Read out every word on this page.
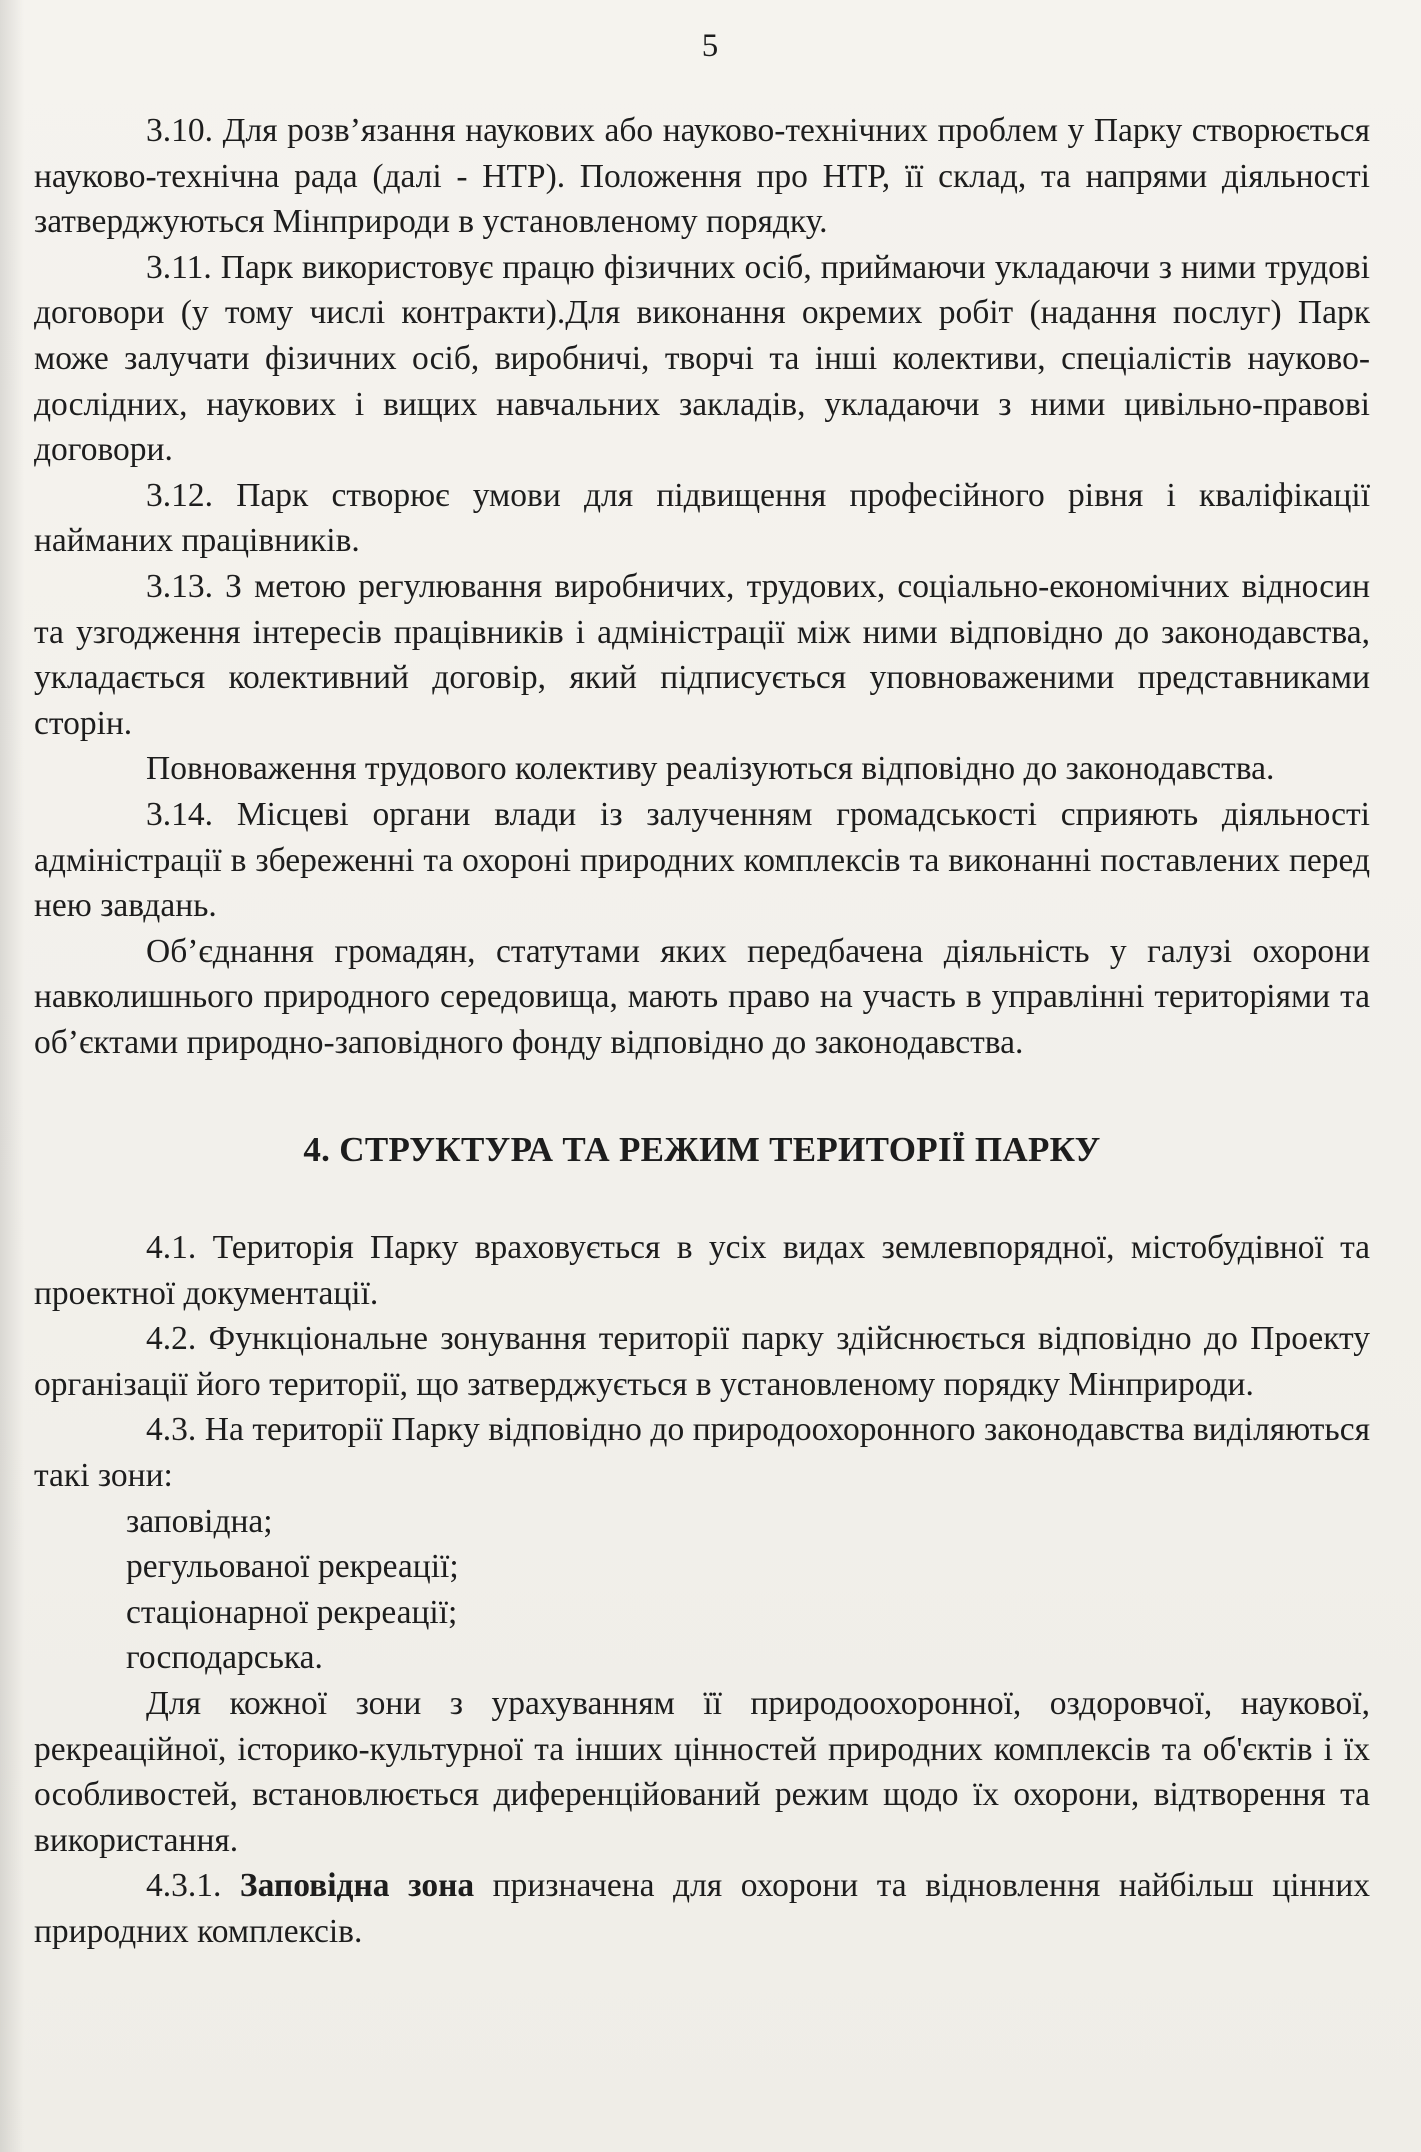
5

3.10. Для розв’язання наукових або науково-технічних проблем у Парку створюється науково-технічна рада (далі - НТР). Положення про НТР, її склад, та напрями діяльності затверджуються Мінприроди в установленому порядку.

3.11. Парк використовує працю фізичних осіб, приймаючи укладаючи з ними трудові договори (у тому числі контракти).Для виконання окремих робіт (надання послуг) Парк може залучати фізичних осіб, виробничі, творчі та інші колективи, спеціалістів науково-дослідних, наукових і вищих навчальних закладів, укладаючи з ними цивільно-правові договори.

3.12. Парк створює умови для підвищення професійного рівня і кваліфікації найманих працівників.

3.13. З метою регулювання виробничих, трудових, соціально-економічних відносин та узгодження інтересів працівників і адміністрації між ними відповідно до законодавства, укладається колективний договір, який підписується уповноваженими представниками сторін.

Повноваження трудового колективу реалізуються відповідно до законодавства.

3.14. Місцеві органи влади із залученням громадськості сприяють діяльності адміністрації в збереженні та охороні природних комплексів та виконанні поставлених перед нею завдань.

Об’єднання громадян, статутами яких передбачена діяльність у галузі охорони навколишнього природного середовища, мають право на участь в управлінні територіями та об’єктами природно-заповідного фонду відповідно до законодавства.

4. СТРУКТУРА ТА РЕЖИМ ТЕРИТОРІЇ ПАРКУ

4.1. Територія Парку враховується в усіх видах землевпорядної, містобудівної та проектної документації.

4.2. Функціональне зонування території парку здійснюється відповідно до Проекту організації його території, що затверджується в установленому порядку Мінприроди.

4.3. На території Парку відповідно до природоохоронного законодавства виділяються такі зони:

заповідна;

регульованої рекреації;

стаціонарної рекреації;

господарська.

Для кожної зони з урахуванням її природоохоронної, оздоровчої, наукової, рекреаційної, історико-культурної та інших цінностей природних комплексів та об'єктів і їх особливостей, встановлюється диференційований режим щодо їх охорони, відтворення та використання.

4.3.1. Заповідна зона призначена для охорони та відновлення найбільш цінних природних комплексів.
